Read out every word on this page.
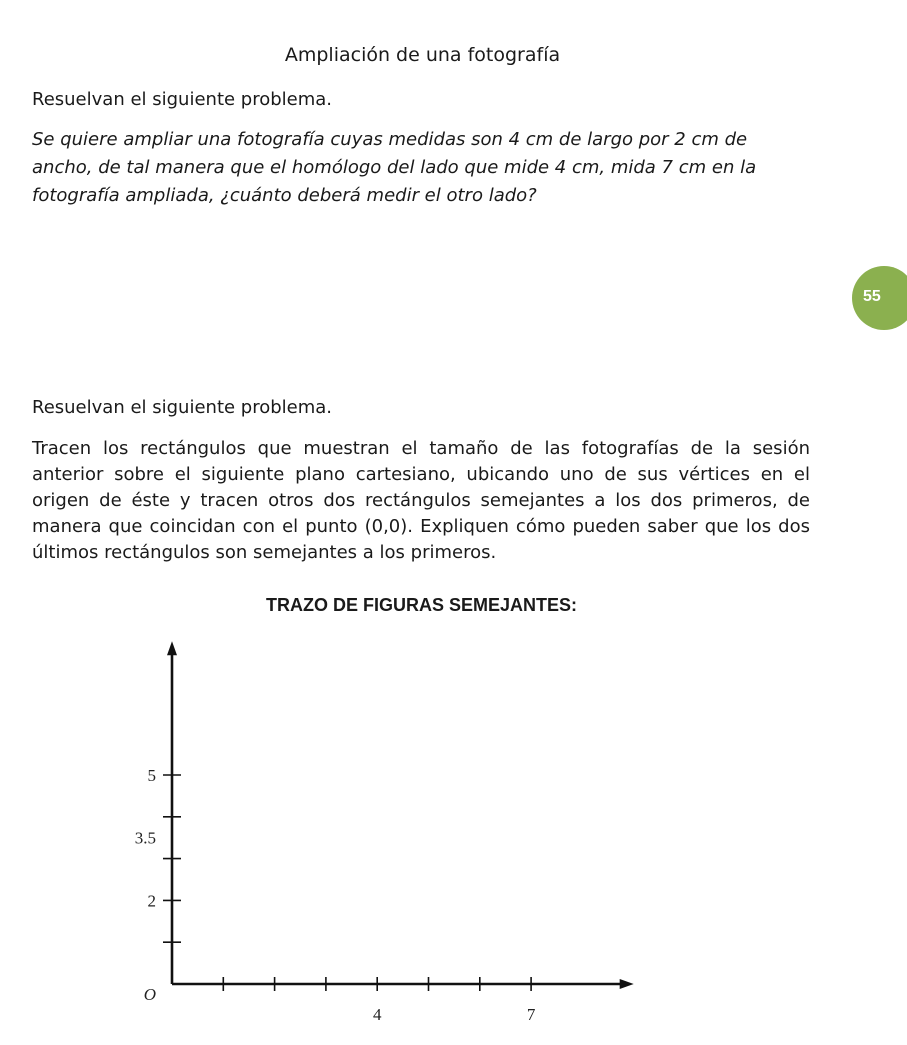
Ampliación de una fotografía

Resuelvan el siguiente problema.

Se quiere ampliar una fotografía cuyas medidas son 4 cm de largo por 2 cm de ancho, de tal manera que el homólogo del lado que mide 4 cm, mida 7 cm en la fotografía ampliada, ¿cuánto deberá medir el otro lado?

55

Resuelvan el siguiente problema.

Tracen los rectángulos que muestran el tamaño de las fotografías de la sesión anterior sobre el siguiente plano cartesiano, ubicando uno de sus vértices en el origen de éste y tracen otros dos rectángulos semejantes a los dos primeros, de manera que coincidan con el punto (0,0). Expliquen cómo pueden saber que los dos últimos rectángulos son semejantes a los primeros.

TRAZO DE FIGURAS SEMEJANTES:

4	7
2
3.5
5
O
